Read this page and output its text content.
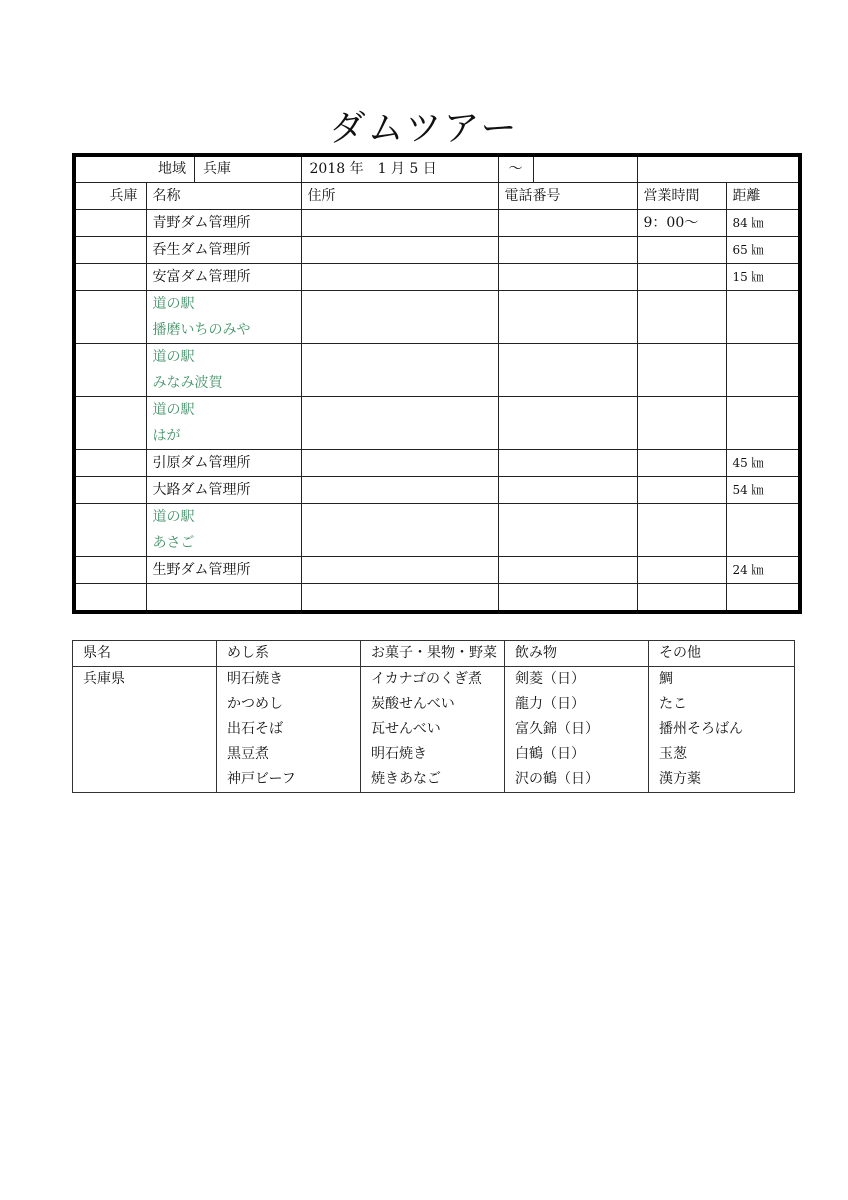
ダムツアー
地域 兵庫		2018 年　1 月 5 日 〜			

兵庫	名称	住所	電話番号	営業時間	距離
	青野ダム管理所			9：00〜	84 ㎞
	呑生ダム管理所				65 ㎞
	安富ダム管理所				15 ㎞

	道の駅
播磨いちのみや				

	道の駅
みなみ波賀				

	道の駅
はが				

	引原ダム管理所				45 ㎞
	大路ダム管理所				54 ㎞

	道の駅
あさご				

	生野ダム管理所				24 ㎞

県名	めし系	お菓子・果物・野菜	飲み物	その他
兵庫県	明石焼き	イカナゴのくぎ煮	剣菱（日）	鯛
	かつめし	炭酸せんべい	龍力（日）	たこ
	出石そば	瓦せんべい	富久錦（日）	播州そろばん
	黒豆煮	明石焼き	白鶴（日）	玉葱
	神戸ビーフ	焼きあなご	沢の鶴（日）	漢方薬
